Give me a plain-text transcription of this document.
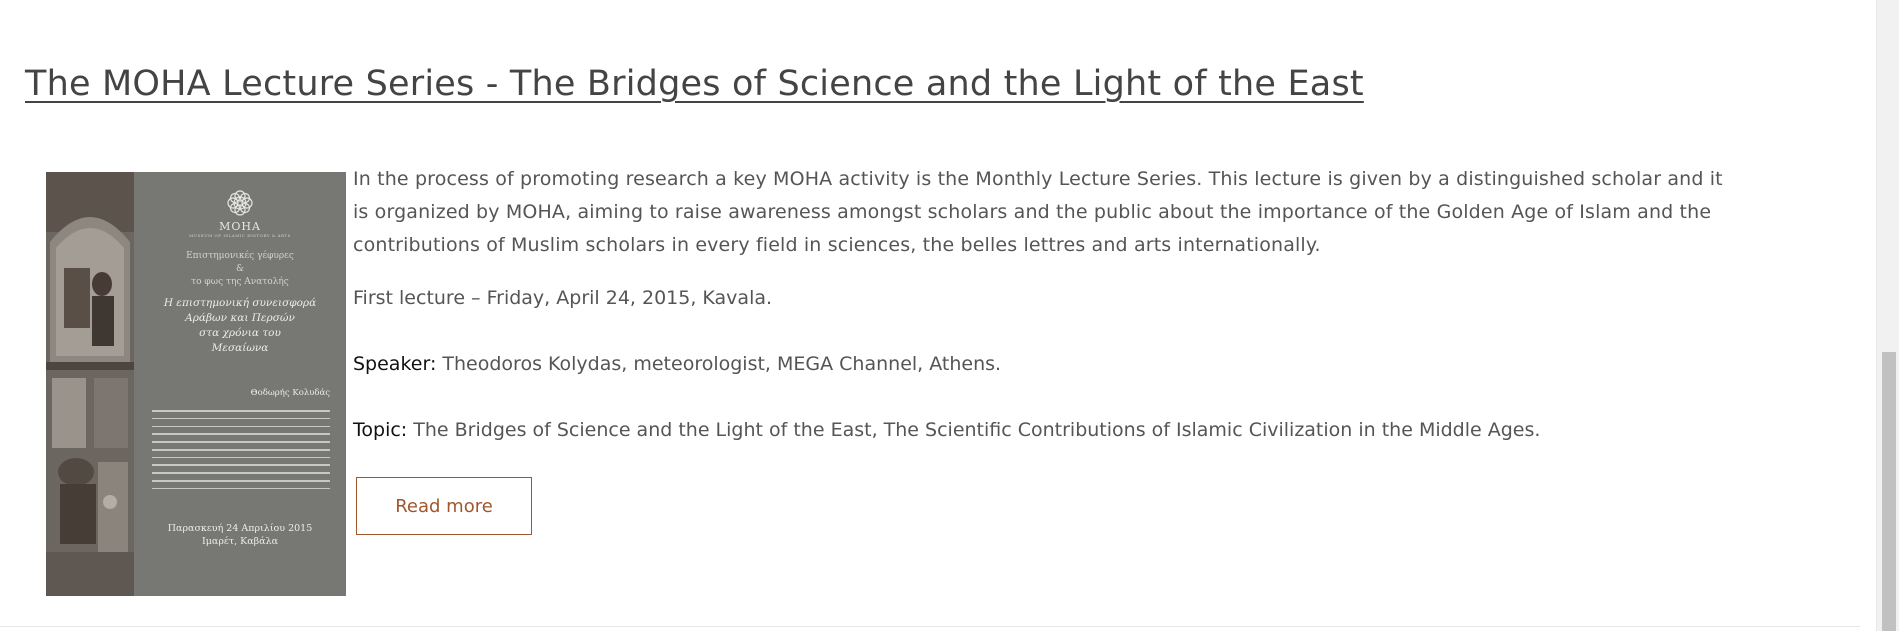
The MOHA Lecture Series - The Bridges of Science and the Light of the East
MOHA
MUSEUM OF ISLAMIC HISTORY & ARTS
Επιστημονικές γέφυρες
&
το φως της Ανατολής
Η επιστημονική συνεισφορά
Αράβων και Περσών
στα χρόνια του
Μεσαίωνα
Θοδωρής Κολυδάς
Παρασκευή 24 Απριλίου 2015
Ιμαρέτ, Καβάλα

In the process of promoting research a key MOHA activity is the Monthly Lecture Series. This lecture is given by a distinguished scholar and it is organized by MOHA, aiming to raise awareness amongst scholars and the public about the importance of the Golden Age of Islam and the contributions of Muslim scholars in every field in sciences, the belles lettres and arts internationally.

First lecture – Friday, April 24, 2015, Kavala.

Speaker: Theodoros Kolydas, meteorologist, MEGA Channel, Athens.

Topic: The Bridges of Science and the Light of the East, The Scientific Contributions of Islamic Civilization in the Middle Ages.

Read more
